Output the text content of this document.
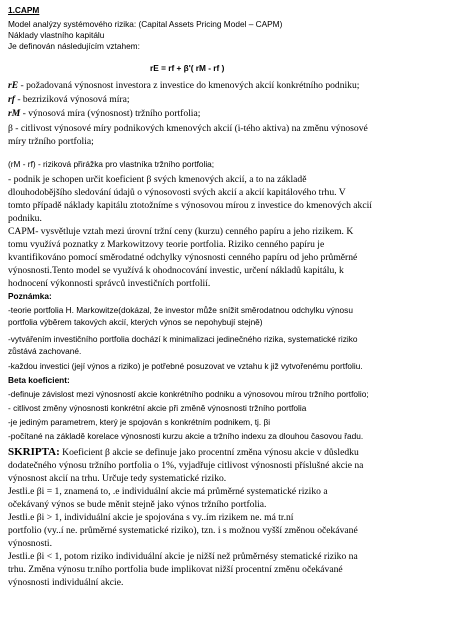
1.CAPM
Model analýzy systémového rizika: (Capital Assets Pricing Model – CAPM)
Náklady vlastního kapitálu
Je definován následujícím vztahem:
rE = rf + β'( rM - rf )
rE - požadovaná výnosnost investora z investice do kmenových akcií konkrétního podniku;
rf - bezriziková výnosová míra;
rM - výnosová míra (výnosnost) tržního portfolia;
β - citlivost výnosové míry podnikových kmenových akcií (i-tého aktiva) na změnu výnosové
míry tržního portfolia;
(rM - rf) - riziková přirážka pro vlastníka tržního portfolia;
- podnik je schopen určit koeficient β svých kmenových akcií, a to na základě
dlouhodobějšího sledování údajů o výnosovosti svých akcií a akcií kapitálového trhu. V
tomto případě náklady kapitálu ztotožníme s výnosovou mírou z investice do kmenových akcií
podniku.
CAPM- vysvětluje vztah mezi úrovní tržní ceny (kurzu) cenného papíru a jeho rizikem. K
tomu využívá poznatky z Markowitzovy teorie portfolia. Riziko cenného papíru je
kvantifikováno pomocí směrodatné odchylky výnosnosti cenného papíru od jeho průměrné
výnosnosti.Tento model se využívá k ohodnocování investic, určení nákladů kapitálu, k
hodnocení výkonnosti správců investičních portfolií.
Poznámka:
-teorie portfolia H. Markowitze(dokázal, že investor může snížit směrodatnou odchylku výnosu
portfolia výběrem takových akcií, kterých výnos se nepohybují stejně)
-vytvářením investičního portfolia dochází k minimalizaci jedinečného rizika, systematické riziko
zůstává zachované.
-každou investici (její výnos a riziko) je potřebné posuzovat ve vztahu k již vytvořenému portfoliu.
Beta koeficient:
-definuje závislost mezi výnosností akcie konkrétního podniku a výnosovou mírou tržního portfolio;
- citlivost změny výnosnosti konkrétní akcie při změně výnosnosti tržního portfolia
-je jediným parametrem, který je spojován s konkrétním podnikem, tj. βi
-počítané na základě korelace výnosnosti kurzu akcie a tržního indexu za dlouhou časovou řadu.
SKRIPTA: Koeficient β akcie se definuje jako procentní změna výnosu akcie v důsledku
dodatečného výnosu tržního portfolia o 1%, vyjadřuje citlivost výnosnosti příslušné akcie na
výnosnost akcií na trhu. Určuje tedy systematické riziko.
Jestli.e βi = 1, znamená to, .e individuální akcie má průměrné systematické riziko a
očekávaný výnos se bude měnit stejně jako výnos tržního portfolia.
Jestli.e βi > 1, individuální akcie je spojována s vy..ím rizikem ne. má tr.ní
portfolio (vy..í ne. průměrné systematické riziko), tzn. i s možnou vyšší změnou očekávané
výnosnosti.
Jestli.e βi < 1, potom riziko individuální akcie je nižší než průměrnésy stematické riziko na
trhu. Změna výnosu tr.ního portfolia bude implikovat nižší procentní změnu očekávané
výnosnosti individuální akcie.
